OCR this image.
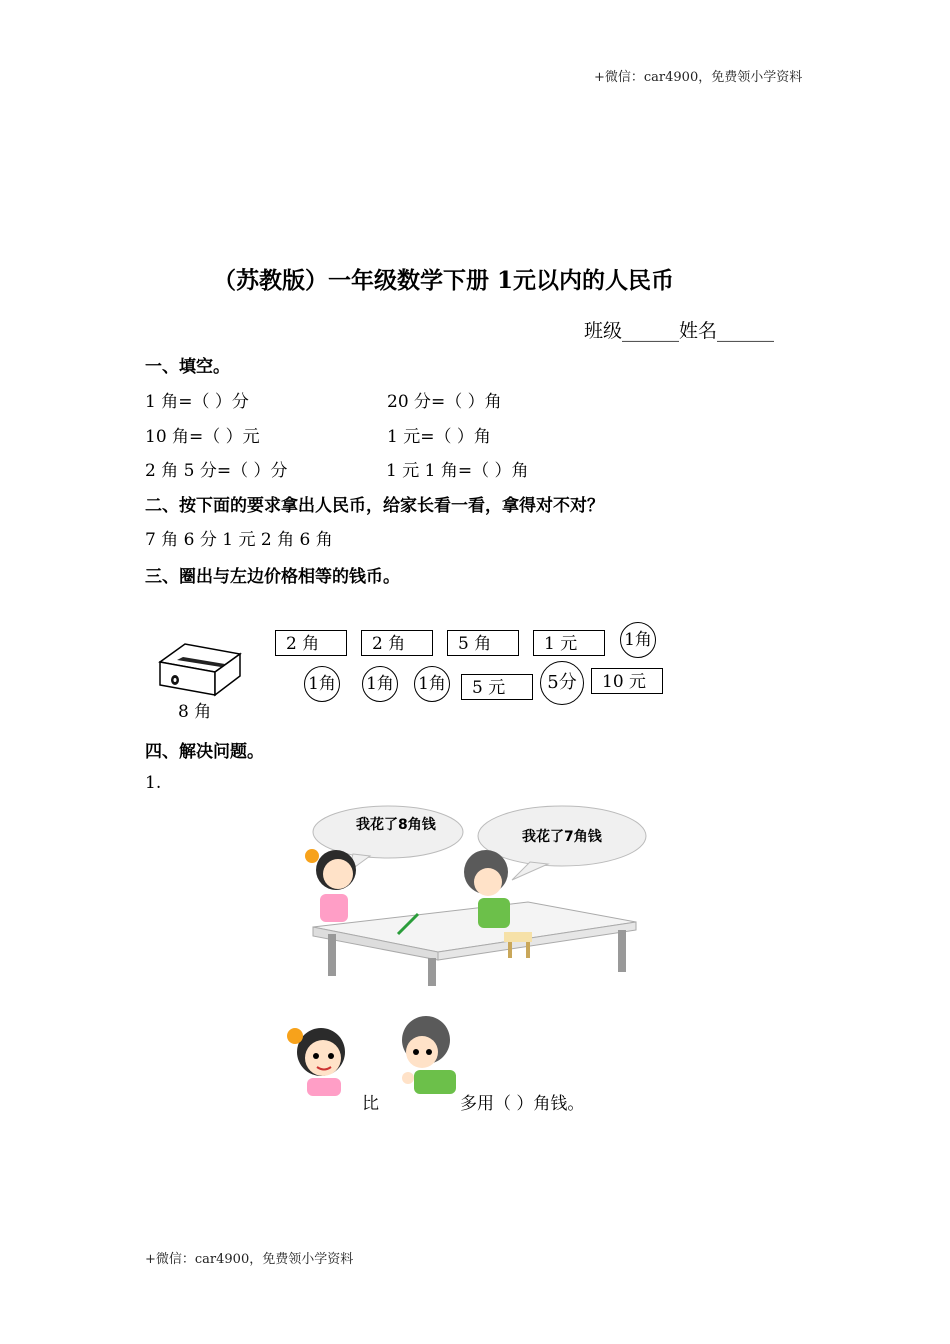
+微信：car4900，免费领小学资料
（苏教版）一年级数学下册 1元以内的人民币
班级______姓名______
一、填空。
1 角=（ ）分	20 分=（ ）角
10 角=（ ）元	1 元=（ ）角
2 角 5 分=（ ）分	1 元 1 角=（ ）角
二、按下面的要求拿出人民币，给家长看一看，拿得对不对？
7 角 6 分 1 元 2 角 6 角
三、圈出与左边价格相等的钱币。
8 角
2 角	2 角	5 角	1 元
5 元	10 元
1角
1角 1角 1角	5分
四、解决问题。
1.
我花了8角钱
我花了7角钱
比	多用（ ）角钱。
+微信：car4900，免费领小学资料
